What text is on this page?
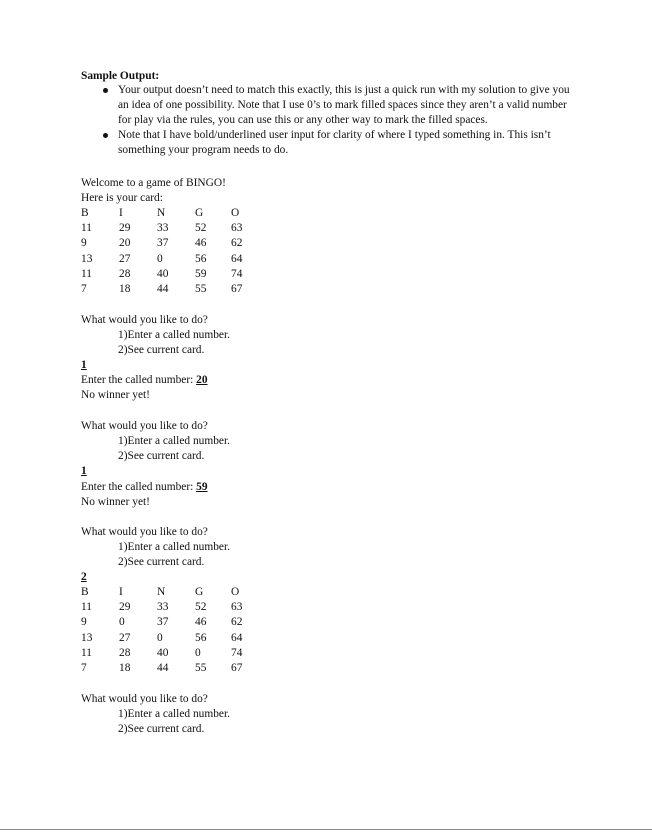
Sample Output:
Your output doesn’t need to match this exactly, this is just a quick run with my solution to give you an idea of one possibility. Note that I use 0’s to mark filled spaces since they aren’t a valid number for play via the rules, you can use this or any other way to mark the filled spaces.
Note that I have bold/underlined user input for clarity of where I typed something in. This isn’t something your program needs to do.
Welcome to a game of BINGO!
Here is your card:
B	I	N	G O
11 29 33 52 63
9	20 37 46 62
13 27 0	56 64
11 28 40 59 74
7	18 44 55 67
What would you like to do?
1)Enter a called number.
2)See current card.
1
Enter the called number: 20
No winner yet!
What would you like to do?
1)Enter a called number.
2)See current card.
1
Enter the called number: 59
No winner yet!
What would you like to do?
1)Enter a called number.
2)See current card.
2
B	I	N	G O
11 29 33 52 63
9	0	37 46 62
13 27 0	56 64
11 28 40 0	74
7	18 44 55 67
What would you like to do?
1)Enter a called number.
2)See current card.
